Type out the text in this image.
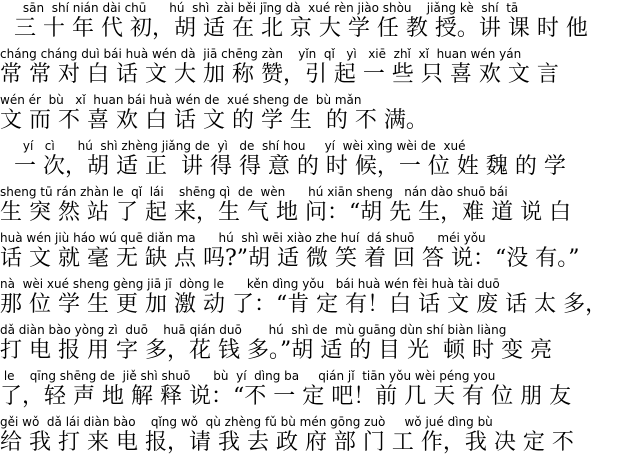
sān  shí nián dài chū      hú  shì  zài běi jīng dà  xué rèn jiào shòu    jiǎng kè  shí  tā
三 十 年 代 初，胡 适 在 北 京 大 学 任 教 授。讲 课 时 他
cháng cháng duì bái huà wén dà  jiā chēng zàn    yǐn  qǐ   yì   xiē  zhǐ  xǐ  huan wén yán
常 常 对 白 话 文 大 加 称 赞，引 起 一 些 只 喜 欢 文 言
wén ér  bù   xǐ  huan bái huà wén de  xué sheng de  bù mǎn
文 而 不 喜 欢 白 话 文 的 学 生  的 不 满。
yí   cì      hú  shì zhèng jiǎng de  yì   de  shí hou     yí  wèi xìng wèi de  xué
一 次，胡 适 正  讲 得 得 意 的 时 候，一 位 姓 魏 的 学
sheng tū rán zhàn le  qǐ  lái    shēng qì  de  wèn      hú xiān sheng   nán dào shuō bái
生 突 然 站 了 起 来，生 气 地 问：“胡 先 生，难 道 说 白
huà wén jiù háo wú quē diǎn ma      hú  shì wēi xiào zhe huí  dá shuō      méi yǒu
话 文 就 毫 无 缺 点 吗?”胡 适 微 笑 着 回 答 说：“没 有。”
nà  wèi xué sheng gèng jiā jī  dòng le      kěn dìng yǒu   bái huà wén fèi huà tài duō
那 位 学 生 更 加 激 动 了：“肯 定 有！白 话 文 废 话 太 多，
dǎ diàn bào yòng zì  duō    huā qián duō       hú  shì de  mù guāng dùn shí biàn liàng
打 电 报 用 字 多，花 钱 多。”胡 适 的 目 光  顿 时 变 亮
le    qīng shēng de  jiě shì shuō      bù  yí  dìng ba     qián jǐ  tiān yǒu wèi péng you
了，轻 声 地 解 释 说：“不 一 定 吧！前 几 天 有 位 朋 友
gěi wǒ  dǎ lái diàn bào    qǐng wǒ  qù zhèng fǔ bù mén gōng zuò     wǒ jué dìng bù
给 我 打 来 电 报，请 我 去 政 府 部 门 工 作，我 决 定 不
